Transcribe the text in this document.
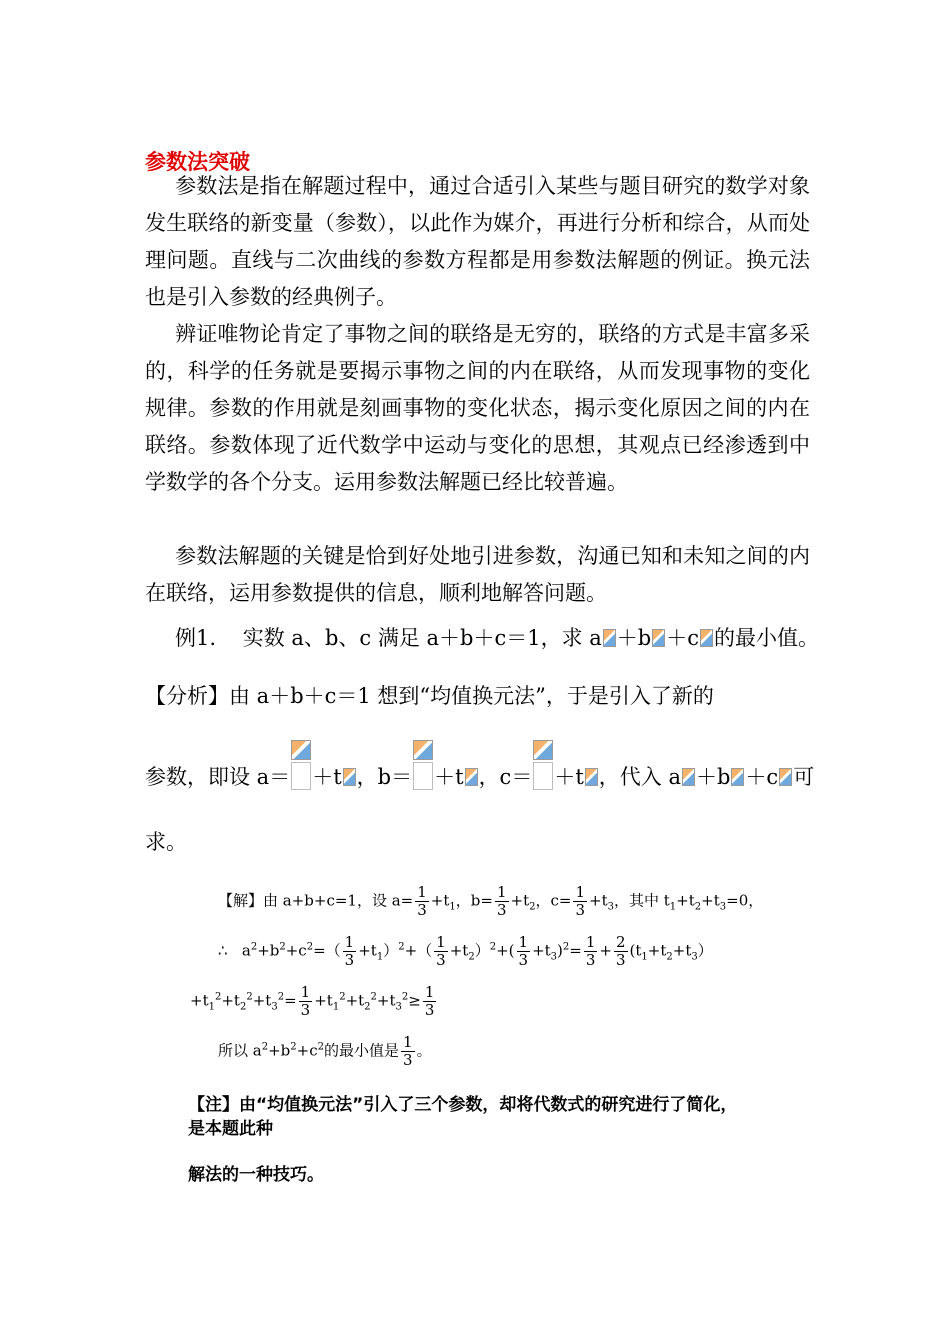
参数法突破
参数法是指在解题过程中，通过合适引入某些与题目研究的数学对象发生联络的新变量（参数），以此作为媒介，再进行分析和综合，从而处理问题。直线与二次曲线的参数方程都是用参数法解题的例证。换元法也是引入参数的经典例子。
辨证唯物论肯定了事物之间的联络是无穷的，联络的方式是丰富多采的，科学的任务就是要揭示事物之间的内在联络，从而发现事物的变化规律。参数的作用就是刻画事物的变化状态，揭示变化原因之间的内在联络。参数体现了近代数学中运动与变化的思想，其观点已经渗透到中学数学的各个分支。运用参数法解题已经比较普遍。
参数法解题的关键是恰到好处地引进参数，沟通已知和未知之间的内在联络，运用参数提供的信息，顺利地解答问题。
例1. 实数 a、b、c 满足 a＋b＋c＝1，求 a ＋b ＋c 的最小值。
【分析】由 a＋b＋c＝1 想到“均值换元法”，于是引入了新的
参数，即设 a＝ ＋t ，b＝ ＋t ，c＝ ＋t ，代入 a ＋b ＋c 可
求。
【解】由 a+b+c=1，设 $a= \frac{1}{3} +t_1$，$b= \frac{1}{3} +t_2$，$c= \frac{1}{3} +t_3$，其中 $t_1+t_2+t_3=0$，
∴ $a^2+b^2+c^2=( \frac{1}{3} +t_1)^2+( \frac{1}{3} +t_2)^2+( \frac{1}{3} +t_3)^2= \frac{1}{3} + \frac{2}{3} (t_1+t_2+t_3)$
$+t_1^2+t_2^2+t_3^2= \frac{1}{3} +t_1^2+t_2^2+t_3^2\ge \frac{1}{3}$
所以 $a^2+b^2+c^2$的最小值是 $\frac{1}{3}$ 。
【注】由“均值换元法”引入了三个参数，却将代数式的研究进行了简化，
是本题此种
解法的一种技巧。
